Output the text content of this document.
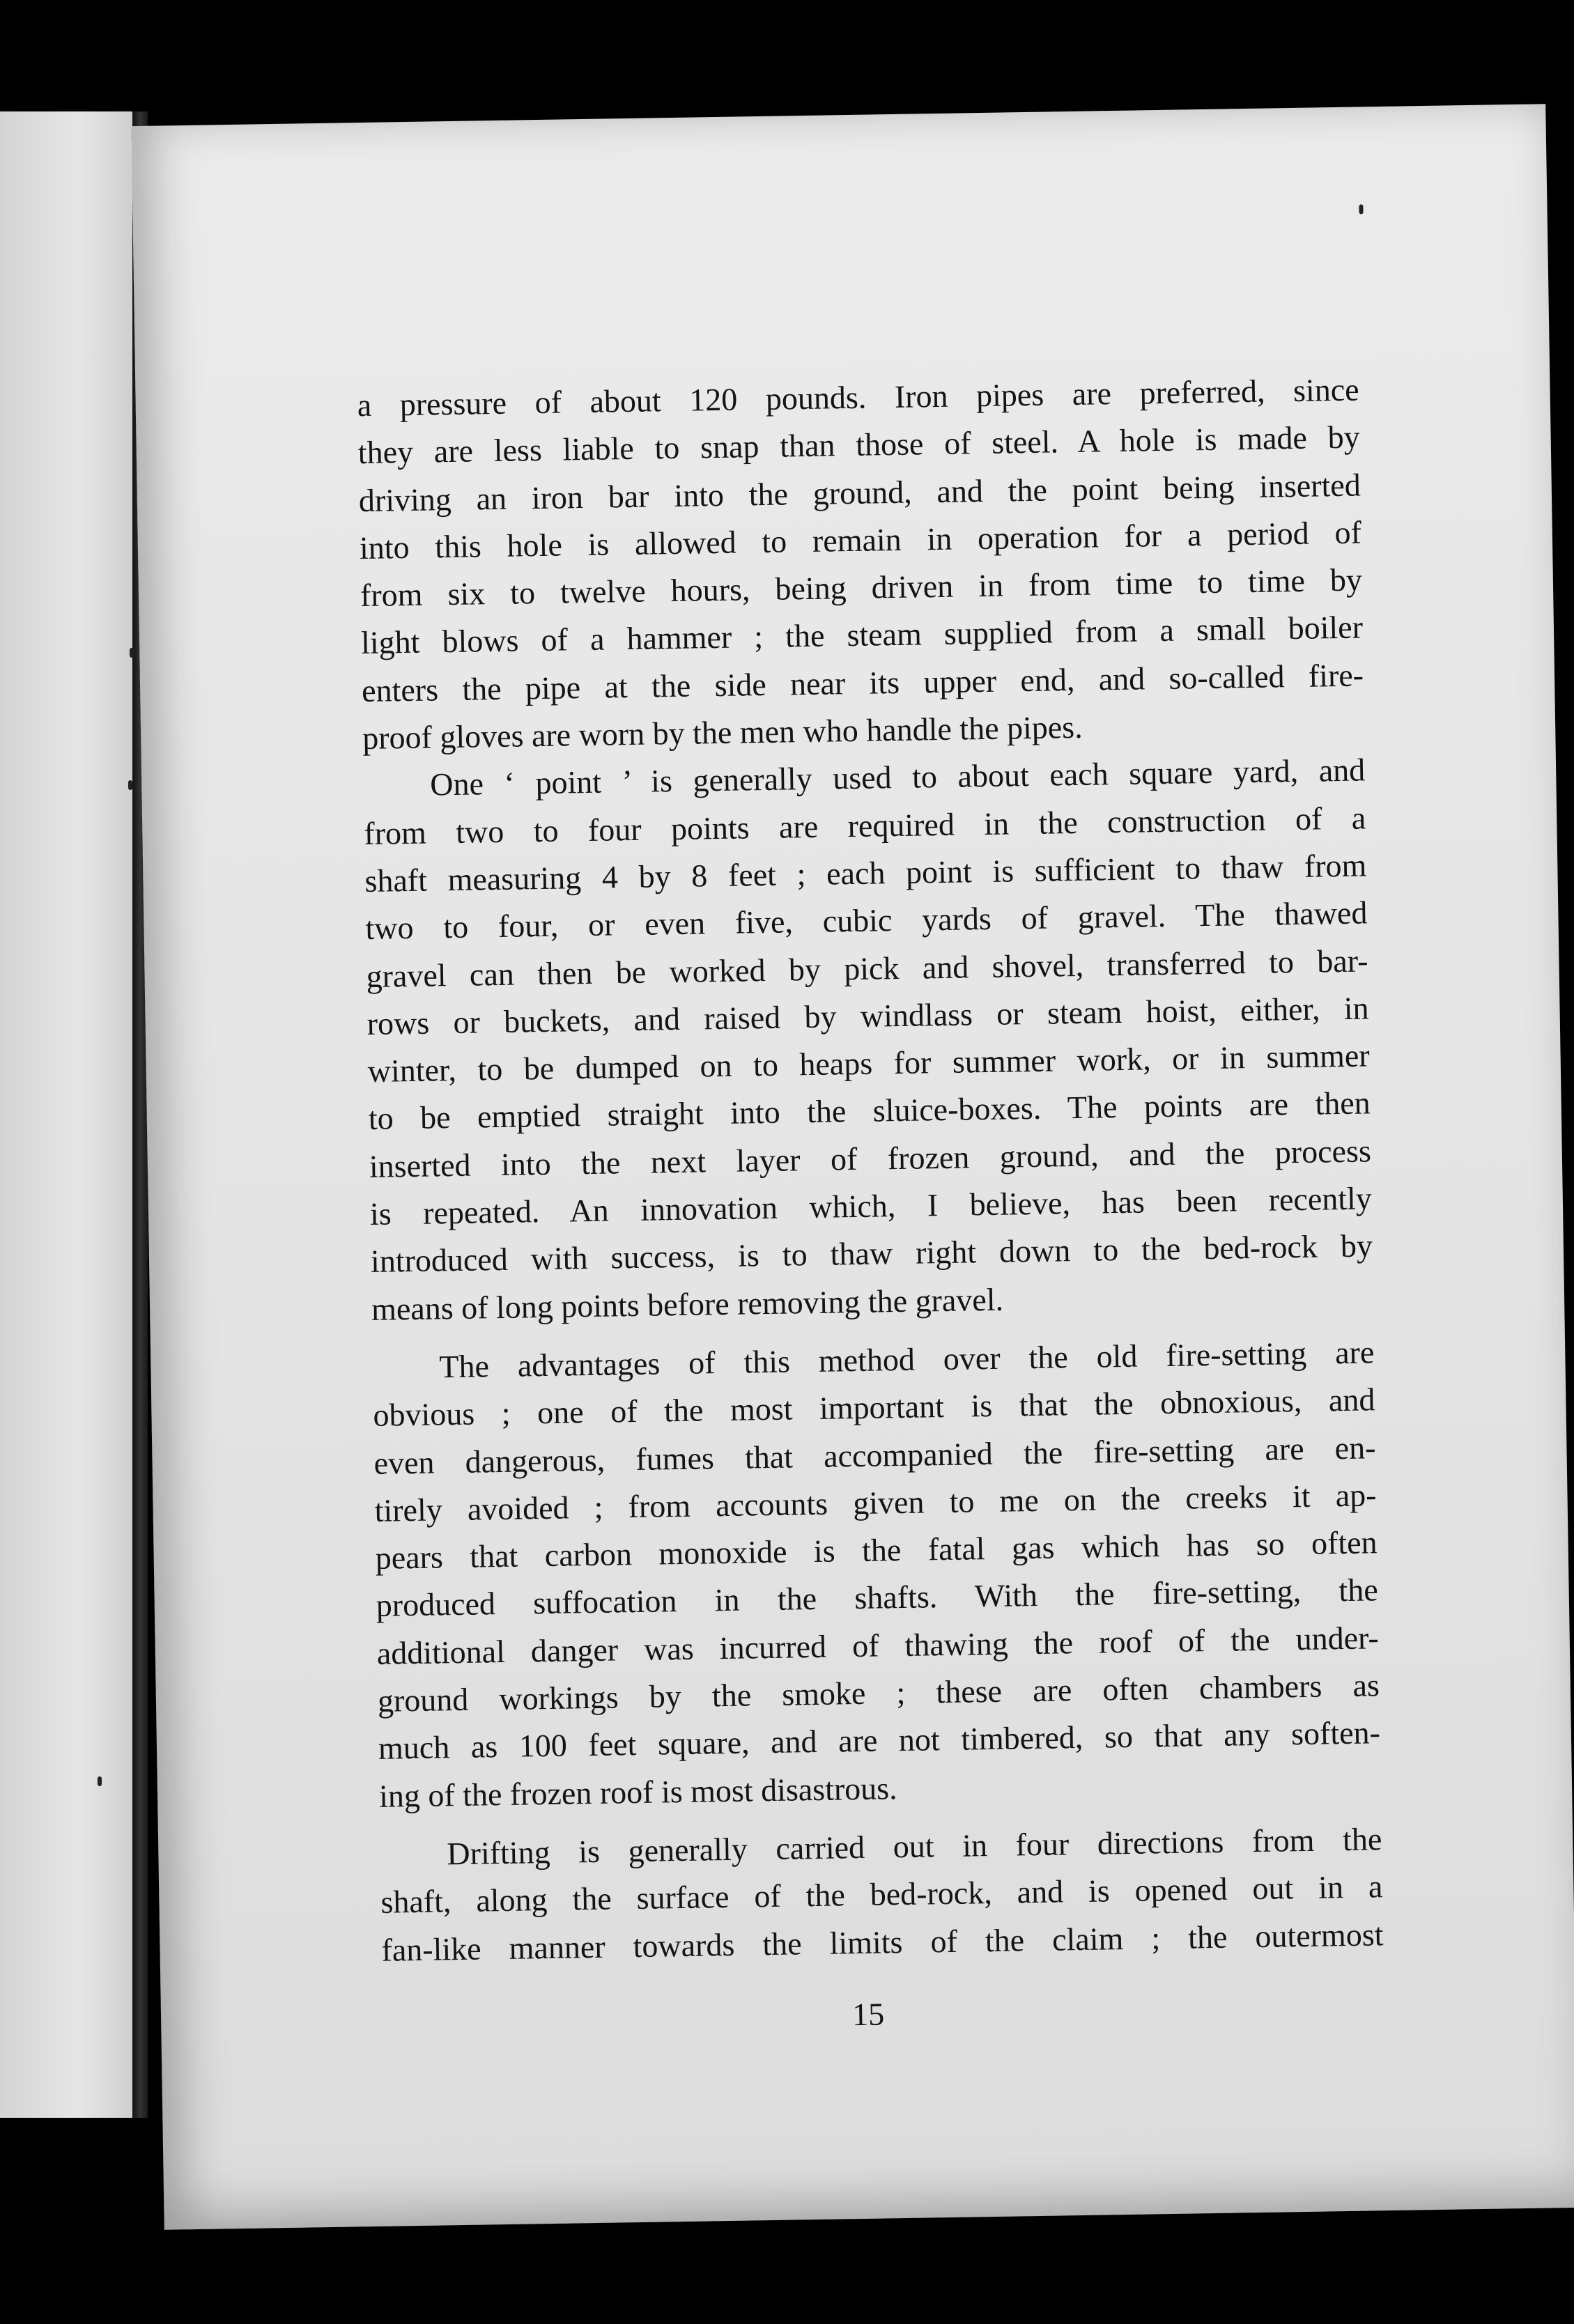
a pressure of about 120 pounds. Iron pipes are preferred, since
they are less liable to snap than those of steel. A hole is made by
driving an iron bar into the ground, and the point being inserted
into this hole is allowed to remain in operation for a period of
from six to twelve hours, being driven in from time to time by
light blows of a hammer ; the steam supplied from a small boiler
enters the pipe at the side near its upper end, and so-called fire-
proof gloves are worn by the men who handle the pipes.
One ‘ point ’ is generally used to about each square yard, and
from two to four points are required in the construction of a
shaft measuring 4 by 8 feet ; each point is sufficient to thaw from
two to four, or even five, cubic yards of gravel. The thawed
gravel can then be worked by pick and shovel, transferred to bar-
rows or buckets, and raised by windlass or steam hoist, either, in
winter, to be dumped on to heaps for summer work, or in summer
to be emptied straight into the sluice-boxes. The points are then
inserted into the next layer of frozen ground, and the process
is repeated. An innovation which, I believe, has been recently
introduced with success, is to thaw right down to the bed-rock by
means of long points before removing the gravel.
The advantages of this method over the old fire-setting are
obvious ; one of the most important is that the obnoxious, and
even dangerous, fumes that accompanied the fire-setting are en-
tirely avoided ; from accounts given to me on the creeks it ap-
pears that carbon monoxide is the fatal gas which has so often
produced suffocation in the shafts. With the fire-setting, the
additional danger was incurred of thawing the roof of the under-
ground workings by the smoke ; these are often chambers as
much as 100 feet square, and are not timbered, so that any soften-
ing of the frozen roof is most disastrous.
Drifting is generally carried out in four directions from the
shaft, along the surface of the bed-rock, and is opened out in a
fan-like manner towards the limits of the claim ; the outermost
15
